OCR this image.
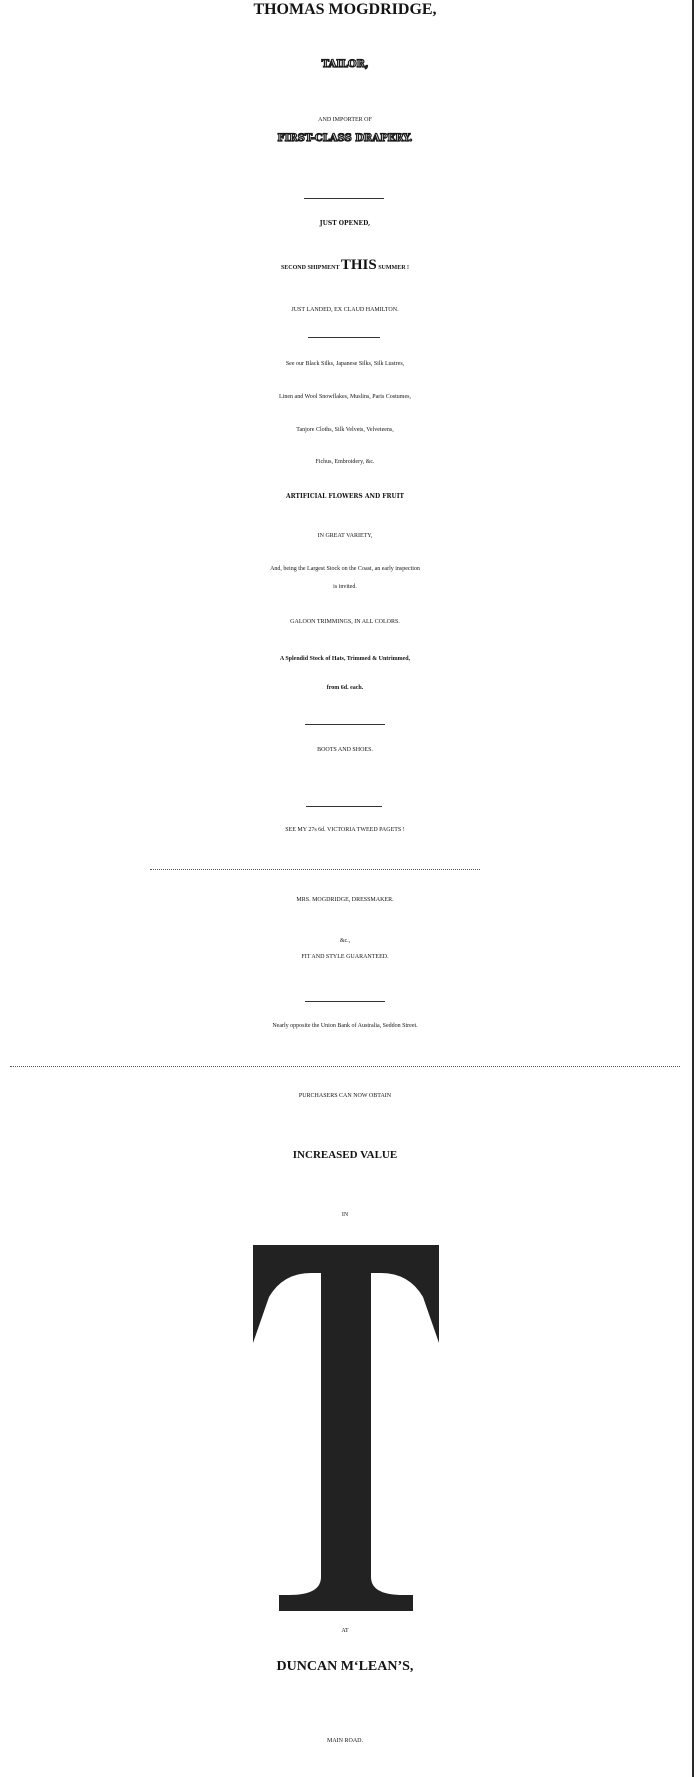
THOMAS MOGDRIDGE,
TAILOR,
AND IMPORTER OF
FIRST-CLASS DRAPERY.
JUST OPENED,
SECOND SHIPMENT THIS SUMMER !
JUST LANDED, EX CLAUD HAMILTON.
See our Black Silks, Japanese Silks, Silk Lustres,
Linen and Wool Snowflakes, Muslins, Paris Costumes,
Tanjore Cloths, Silk Velvets, Velveteens,
Fichus, Embroidery, &c.
ARTIFICIAL FLOWERS AND FRUIT
IN GREAT VARIETY,
And, being the Largest Stock on the Coast, an early inspection
is invited.
GALOON TRIMMINGS, IN ALL COLORS.
A Splendid Stock of Hats, Trimmed & Untrimmed,
from 6d. each.
BOOTS AND SHOES.
SEE MY 27s 6d. VICTORIA TWEED PAGETS !
MRS. MOGDRIDGE, DRESSMAKER.
&c.,
FIT AND STYLE GUARANTEED.
Nearly opposite the Union Bank of Australia, Seddon Street.
PURCHASERS CAN NOW OBTAIN
INCREASED VALUE
IN
AT
DUNCAN M‘LEAN’S,
MAIN ROAD.
